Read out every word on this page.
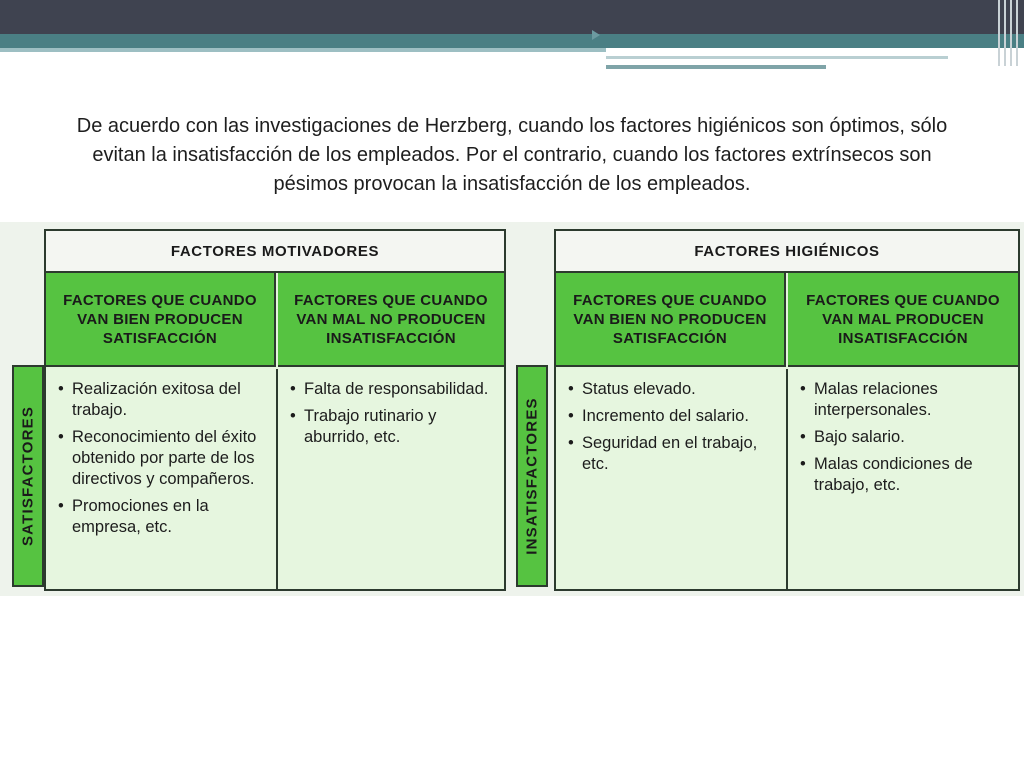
De acuerdo con las investigaciones de Herzberg, cuando los factores higiénicos son óptimos, sólo evitan la insatisfacción de los empleados. Por el contrario, cuando los factores extrínsecos son pésimos provocan la insatisfacción de los empleados.

SATISFACTORES
FACTORES MOTIVADORES
FACTORES QUE CUANDO VAN BIEN PRODUCEN SATISFACCIÓN
FACTORES QUE CUANDO VAN MAL NO PRODUCEN INSATISFACCIÓN
• Realización exitosa del trabajo.
• Reconocimiento del éxito obtenido por parte de los directivos y compañeros.
• Promociones en la empresa, etc.
• Falta de responsabilidad.
• Trabajo rutinario y aburrido, etc.	INSATISFACTORES
FACTORES HIGIÉNICOS
FACTORES QUE CUANDO VAN BIEN NO PRODUCEN SATISFACCIÓN
FACTORES QUE CUANDO VAN MAL PRODUCEN INSATISFACCIÓN
• Status elevado.
• Incremento del salario.
• Seguridad en el trabajo, etc.
• Malas relaciones interpersonales.
• Bajo salario.
• Malas condiciones de trabajo, etc.
